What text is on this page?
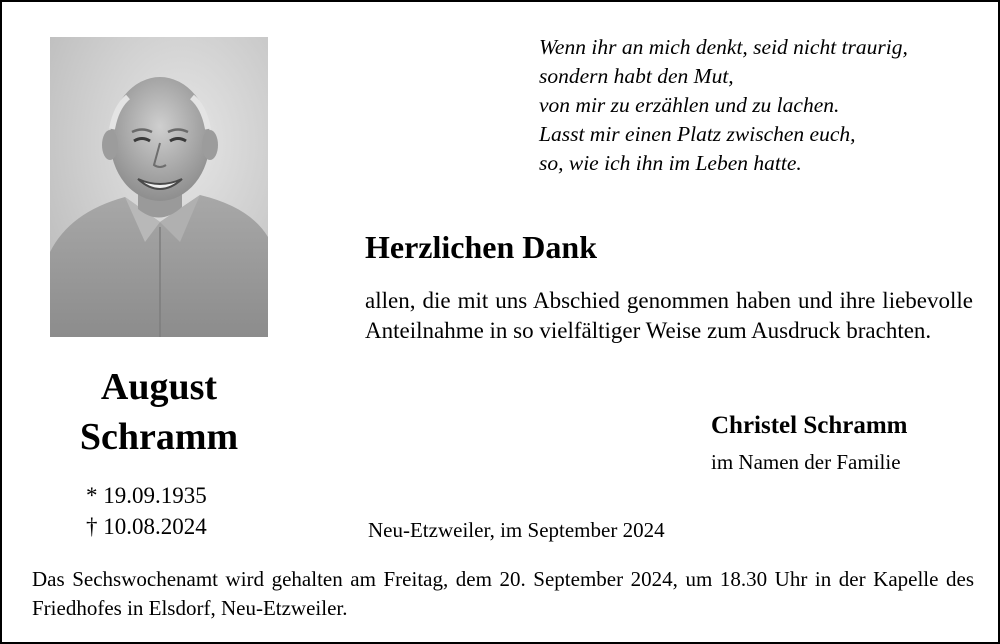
August
Schramm
* 19.09.1935
† 10.08.2024
Wenn ihr an mich denkt, seid nicht traurig,
sondern habt den Mut,
von mir zu erzählen und zu lachen.
Lasst mir einen Platz zwischen euch,
so, wie ich ihn im Leben hatte.
Herzlichen Dank
allen, die mit uns Abschied genommen haben und ihre liebevolle Anteilnahme in so vielfältiger Weise zum Ausdruck brachten.
Christel Schramm
im Namen der Familie
Neu-Etzweiler, im September 2024
Das Sechswochenamt wird gehalten am Freitag, dem 20. September 2024, um 18.30 Uhr in der Kapelle des Friedhofes in Elsdorf, Neu-Etzweiler.
